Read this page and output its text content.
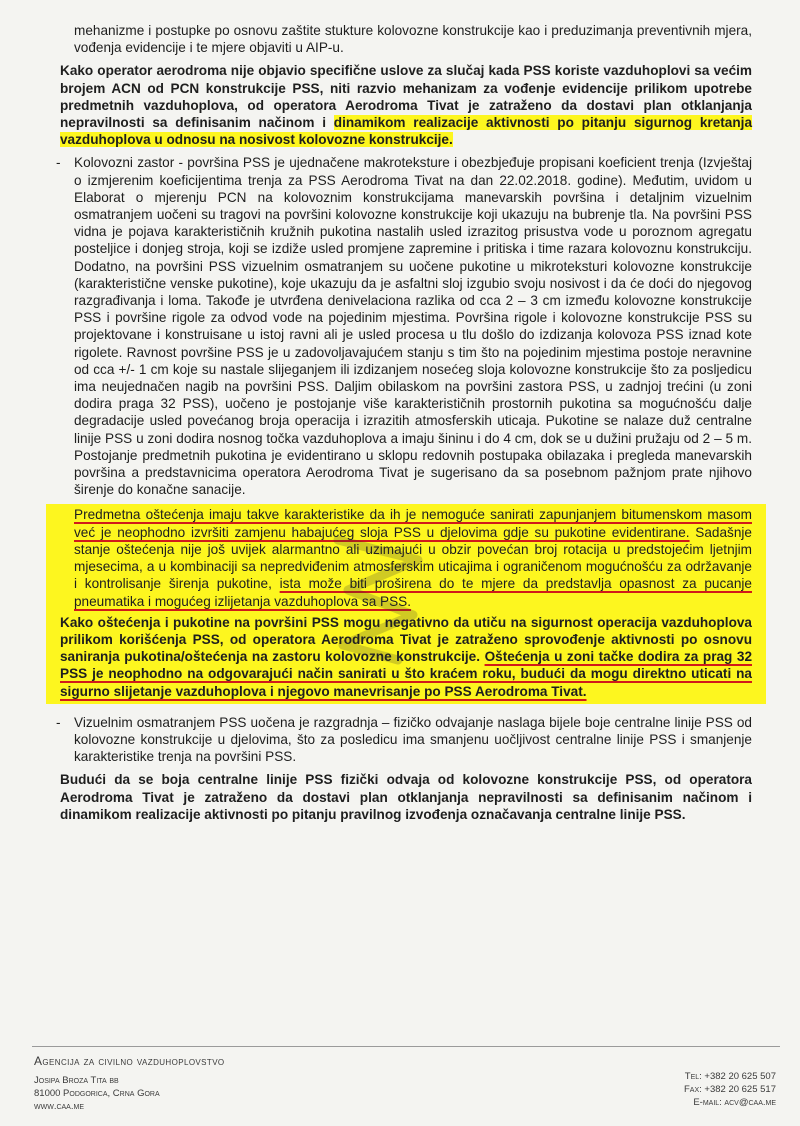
mehanizme i postupke po osnovu zaštite stukture kolovozne konstrukcije kao i preduzimanja preventivnih mjera, vođenja evidencije i te mjere objaviti u AIP-u.

Kako operator aerodroma nije objavio specifične uslove za slučaj kada PSS koriste vazduhoplovi sa većim brojem ACN od PCN konstrukcije PSS, niti razvio mehanizam za vođenje evidencije prilikom upotrebe predmetnih vazduhoplova, od operatora Aerodroma Tivat je zatraženo da dostavi plan otklanjanja nepravilnosti sa definisanim načinom i dinamikom realizacije aktivnosti po pitanju sigurnog kretanja vazduhoplova u odnosu na nosivost kolovozne konstrukcije.

- Kolovozni zastor - površina PSS je ujednačene makroteksture i obezbjeđuje propisani koeficient trenja (Izvještaj o izmjerenim koeficijentima trenja za PSS Aerodroma Tivat na dan 22.02.2018. godine). Međutim, uvidom u Elaborat o mjerenju PCN na kolovoznim konstrukcijama manevarskih površina i detaljnim vizuelnim osmatranjem uočeni su tragovi na površini kolovozne konstrukcije koji ukazuju na bubrenje tla. Na površini PSS vidna je pojava karakterističnih kružnih pukotina nastalih usled izrazitog prisustva vode u poroznom agregatu posteljice i donjeg stroja, koji se izdiže usled promjene zapremine i pritiska i time razara kolovoznu konstrukciju. Dodatno, na površini PSS vizuelnim osmatranjem su uočene pukotine u mikroteksturi kolovozne konstrukcije (karakteristične venske pukotine), koje ukazuju da je asfaltni sloj izgubio svoju nosivost i da će doći do njegovog razgrađivanja i loma. Takođe je utvrđena denivelaciona razlika od cca 2 – 3 cm između kolovozne konstrukcije PSS i površine rigole za odvod vode na pojedinim mjestima. Površina rigole i kolovozne konstrukcije PSS su projektovane i konstruisane u istoj ravni ali je usled procesa u tlu došlo do izdizanja kolovoza PSS iznad kote rigolete. Ravnost površine PSS je u zadovoljavajućem stanju s tim što na pojedinim mjestima postoje neravnine od cca +/- 1 cm koje su nastale slijeganjem ili izdizanjem nosećeg sloja kolovozne konstrukcije što za posljedicu ima neujednačen nagib na površini PSS. Daljim obilaskom na površini zastora PSS, u zadnjoj trećini (u zoni dodira praga 32 PSS), uočeno je postojanje više karakterističnih prostornih pukotina sa mogućnošću dalje degradacije usled povećanog broja operacija i izrazitih atmosferskih uticaja. Pukotine se nalaze duž centralne linije PSS u zoni dodira nosnog točka vazduhoplova a imaju šininu i do 4 cm, dok se u dužini pružaju od 2 – 5 m. Postojanje predmetnih pukotina je evidentirano u sklopu redovnih postupaka obilazaka i pregleda manevarskih površina a predstavnicima operatora Aerodroma Tivat je sugerisano da sa posebnom pažnjom prate njihovo širenje do konačne sanacije.
Predmetna oštećenja imaju takve karakteristike da ih je nemoguće sanirati zapunjanjem bitumenskom masom već je neophodno izvršiti zamjenu habajućeg sloja PSS u djelovima gdje su pukotine evidentirane. Sadašnje stanje oštećenja nije još uvijek alarmantno ali uzimajući u obzir povećan broj rotacija u predstojećim ljetnjim mjesecima, a u kombinaciji sa nepredviđenim atmosferskim uticajima i ograničenom mogućnošću za održavanje i kontrolisanje širenja pukotine, ista može biti proširena do te mjere da predstavlja opasnost za pucanje pneumatika i mogućeg izlijetanja vazduhoplova sa PSS.

Kako oštećenja i pukotine na površini PSS mogu negativno da utiču na sigurnost operacija vazduhoplova prilikom korišćenja PSS, od operatora Aerodroma Tivat je zatraženo sprovođenje aktivnosti po osnovu saniranja pukotina/oštećenja na zastoru kolovozne konstrukcije. Oštećenja u zoni tačke dodira za prag 32 PSS je neophodno na odgovarajući način sanirati u što kraćem roku, budući da mogu direktno uticati na sigurno slijetanje vazduhoplova i njegovo manevrisanje po PSS Aerodroma Tivat.

- Vizuelnim osmatranjem PSS uočena je razgradnja – fizičko odvajanje naslaga bijele boje centralne linije PSS od kolovozne konstrukcije u djelovima, što za posledicu ima smanjenu uočljivost centralne linije PSS i smanjenje karakteristike trenja na površini PSS.

Budući da se boja centralne linije PSS fizički odvaja od kolovozne konstrukcije PSS, od operatora Aerodroma Tivat je zatraženo da dostavi plan otklanjanja nepravilnosti sa definisanim načinom i dinamikom realizacije aktivnosti po pitanju pravilnog izvođenja označavanja centralne linije PSS.

Agencija za civilno vazduhoplovstvo
Josipa Broza Tita bb
81000 Podgorica, Crna Gora
www.caa.me
Tel: +382 20 625 507
Fax: +382 20 625 517
E-mail: acv@caa.me
